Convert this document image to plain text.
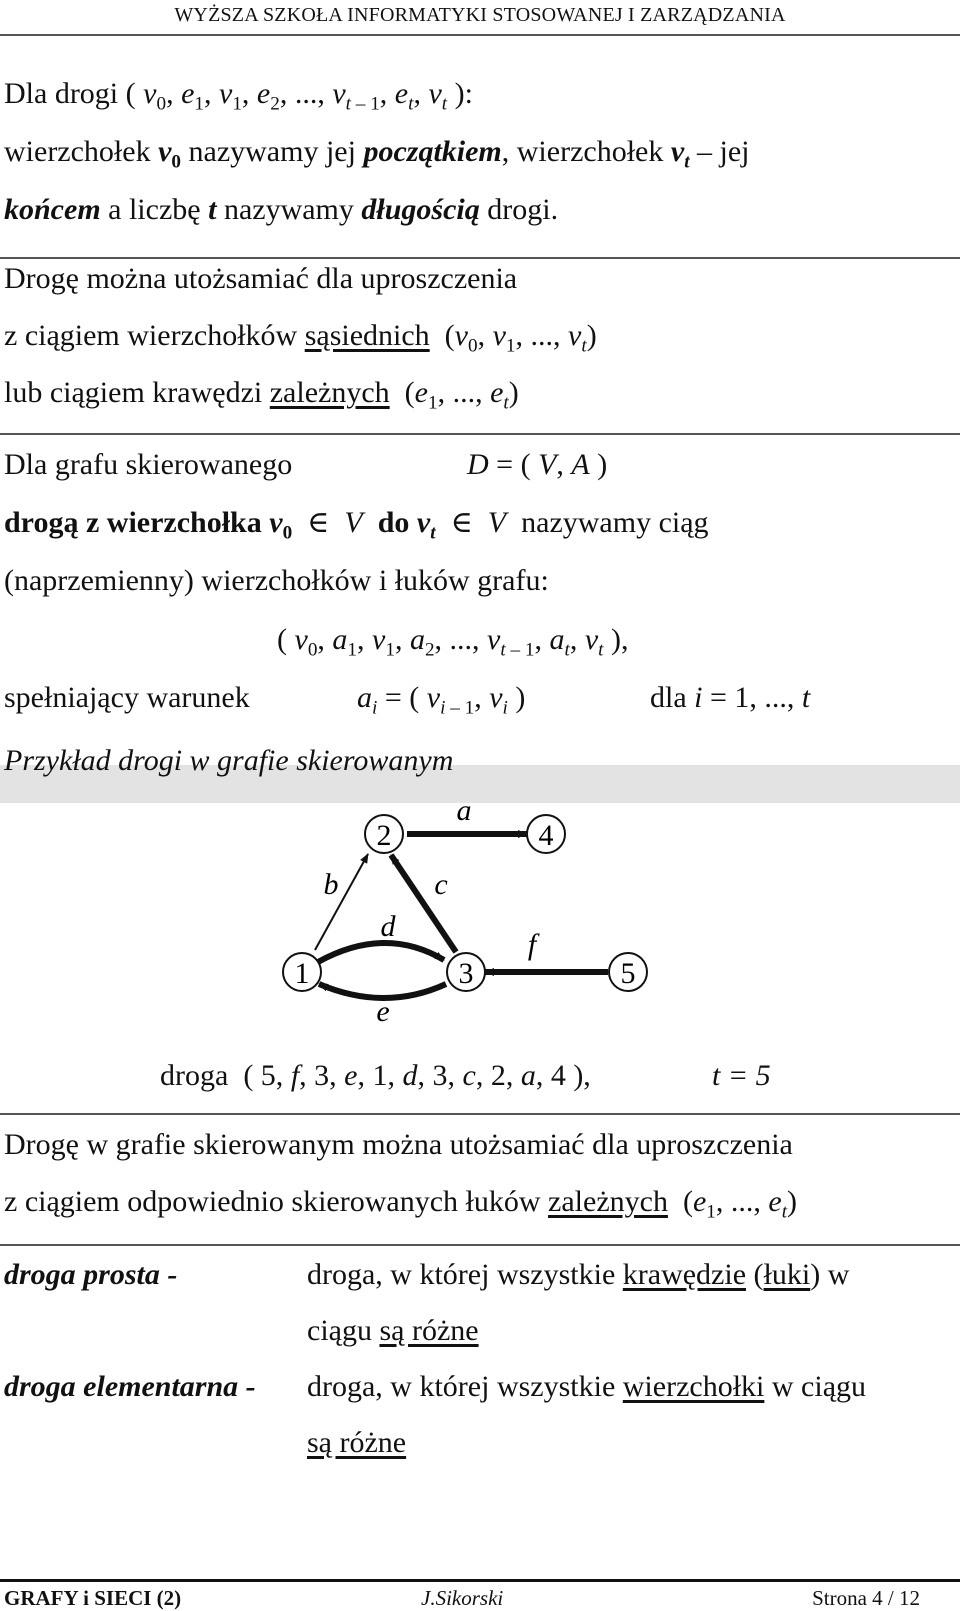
WYŻSZA SZKOŁA INFORMATYKI STOSOWANEJ I ZARZĄDZANIA
Dla drogi ( $v_0$, $e_1$, $v_1$, $e_2$, ..., $v_{t - 1}$, $e_t$, $v_t$ ):
wierzchołek $v_0$ nazywamy jej początkiem, wierzchołek $v_t$ – jej
końcem a liczbę t nazywamy długością drogi.
Drogę można utożsamiać dla uproszczenia
z ciągiem wierzchołków sąsiednich  ($v_0$, $v_1$, ..., $v_t$)
lub ciągiem krawędzi zależnych  ($e_1$, ..., $e_t$)
Dla grafu skierowanego	D = ( V, A )
drogą z wierzchołka $v_0$  ∈  V do $v_t$  ∈  V nazywamy ciąg
(naprzemienny) wierzchołków i łuków grafu:
( $v_0$, $a_1$, $v_1$, $a_2$, ..., $v_{t - 1}$, $a_t$, $v_t$ ),
spełniający warunek	$a_i$ = ( $v_{i - 1}$, $v_i$ )	dla i = 1, ..., t
Przykład drogi w grafie skierowanym
1
2
3
4
5
a
b	c
d
e
f
droga  ( 5, f, 3, e, 1, d, 3, c, 2, a, 4 ),	t = 5
Drogę w grafie skierowanym można utożsamiać dla uproszczenia
z ciągiem odpowiednio skierowanych łuków zależnych  ($e_1$, ..., $e_t$)
droga prosta -	droga, w której wszystkie krawędzie (łuki) w
ciągu są różne
droga elementarna - droga, w której wszystkie wierzchołki w ciągu
są różne
GRAFY i SIECI (2)	J.Sikorski	Strona 4 / 12
